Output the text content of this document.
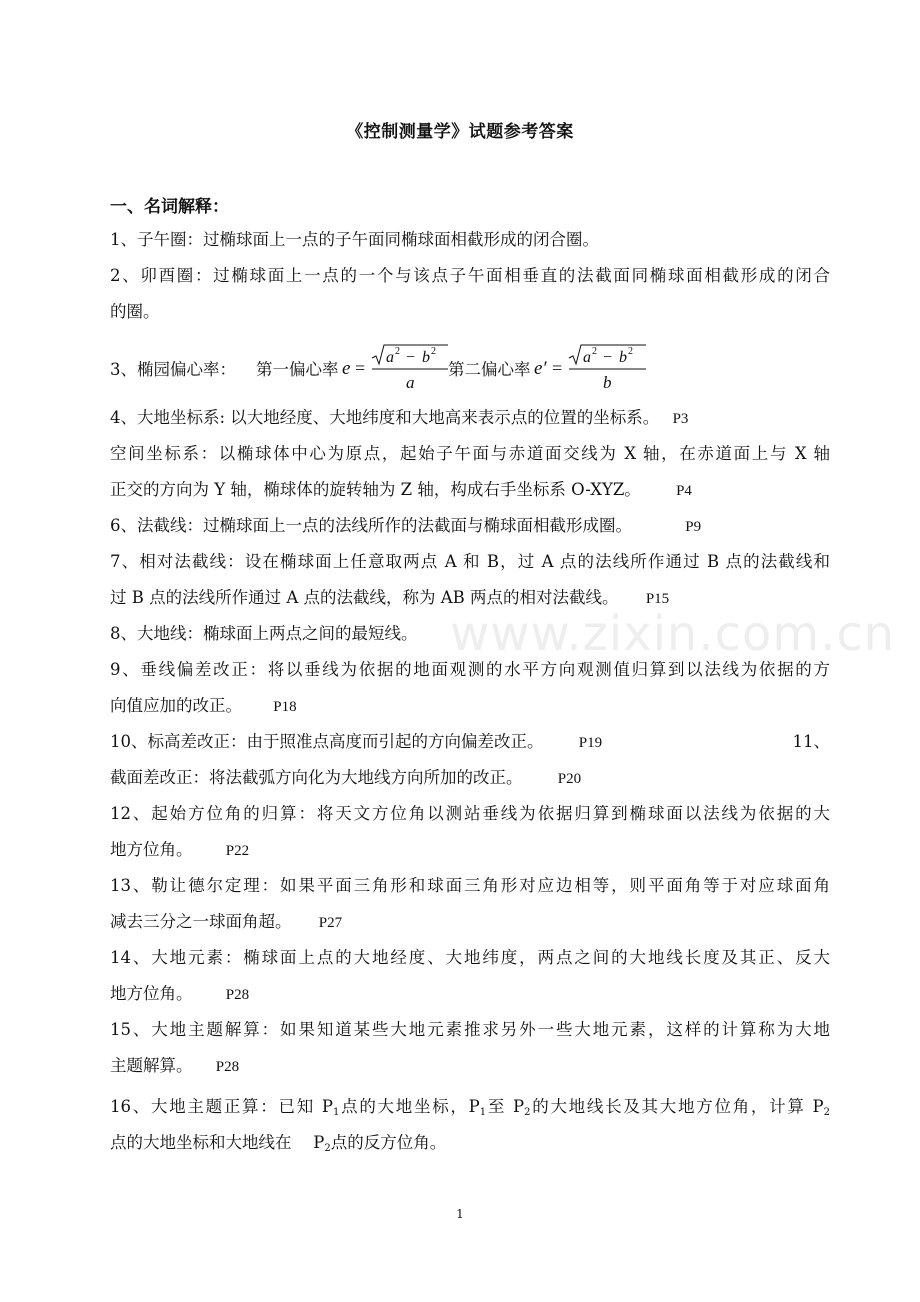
《控制测量学》试题参考答案
一、名词解释：
1、子午圈：过椭球面上一点的子午面同椭球面相截形成的闭合圈。
2、卯酉圈：过椭球面上一点的一个与该点子午面相垂直的法截面同椭球面相截形成的闭合
的圈。
3、椭园偏心率： 第一偏心率 e =
a 2 − b 2
a
第二偏心率 e′ =
a 2 − b 2
b
4、大地坐标系: 以大地经度、大地纬度和大地高来表示点的位置的坐标系。 P3
空间坐标系：以椭球体中心为原点，起始子午面与赤道面交线为 X 轴，在赤道面上与 X 轴
正交的方向为 Y 轴，椭球体的旋转轴为 Z 轴，构成右手坐标系 O-XYZ。 P4
6、法截线：过椭球面上一点的法线所作的法截面与椭球面相截形成圈。	P9
7、相对法截线：设在椭球面上任意取两点 A 和 B，过 A 点的法线所作通过 B 点的法截线和
过 B 点的法线所作通过 A 点的法截线，称为 AB 两点的相对法截线。 P15
8、大地线：椭球面上两点之间的最短线。
9、垂线偏差改正：将以垂线为依据的地面观测的水平方向观测值归算到以法线为依据的方
向值应加的改正。 P18
10、标高差改正：由于照准点高度而引起的方向偏差改正。 P19	11、
截面差改正：将法截弧方向化为大地线方向所加的改正。 P20
12、起始方位角的归算：将天文方位角以测站垂线为依据归算到椭球面以法线为依据的大
地方位角。 P22
13、勒让德尔定理：如果平面三角形和球面三角形对应边相等，则平面角等于对应球面角
减去三分之一球面角超。 P27
14、大地元素：椭球面上点的大地经度、大地纬度，两点之间的大地线长度及其正、反大
地方位角。 P28
15、大地主题解算：如果知道某些大地元素推求另外一些大地元素，这样的计算称为大地
主题解算。 P28
16、大地主题正算：已知 $P_1$点的大地坐标，$P_1$至 $P_2$的大地线长及其大地方位角，计算 $P_2$
点的大地坐标和大地线在　 $P_2$点的反方位角。
www.zixin.com.cn
1
